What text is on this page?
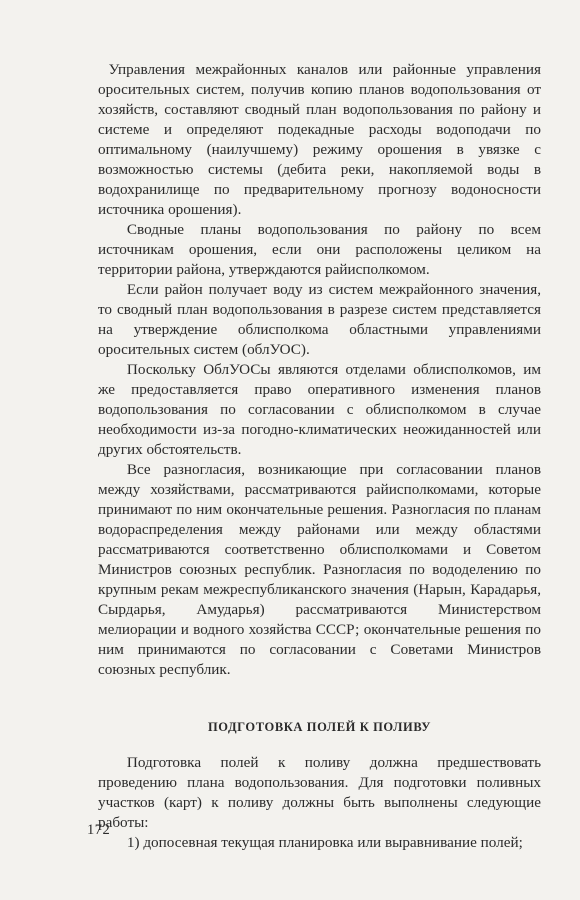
Управления межрайонных каналов или районные управления оросительных систем, получив копию планов водопользования от хозяйств, составляют сводный план водопользования по району и системе и определяют подекадные расходы водоподачи по оптимальному (наилучшему) режиму орошения в увязке с возможностью системы (дебита реки, накопляемой воды в водохранилище по предварительному прогнозу водоносности источника орошения).

Сводные планы водопользования по району по всем источникам орошения, если они расположены целиком на территории района, утверждаются райисполкомом.

Если район получает воду из систем межрайонного значения, то сводный план водопользования в разрезе систем представляется на утверждение облисполкома областными управлениями оросительных систем (облУОС).

Поскольку ОблУОСы являются отделами облисполкомов, им же предоставляется право оперативного изменения планов водопользования по согласовании с облисполкомом в случае необходимости из-за погодно-климатических неожиданностей или других обстоятельств.

Все разногласия, возникающие при согласовании планов между хозяйствами, рассматриваются райисполкомами, которые принимают по ним окончательные решения. Разногласия по планам водораспределения между районами или между областями рассматриваются соответственно облисполкомами и Советом Министров союзных республик. Разногласия по вододелению по крупным рекам межреспубликанского значения (Нарын, Карадарья, Сырдарья, Амударья) рассматриваются Министерством мелиорации и водного хозяйства СССР; окончательные решения по ним принимаются по согласовании с Советами Министров союзных республик.

ПОДГОТОВКА ПОЛЕЙ К ПОЛИВУ

Подготовка полей к поливу должна предшествовать проведению плана водопользования. Для подготовки поливных участков (карт) к поливу должны быть выполнены следующие работы:

1) допосевная текущая планировка или выравнивание полей;

172
